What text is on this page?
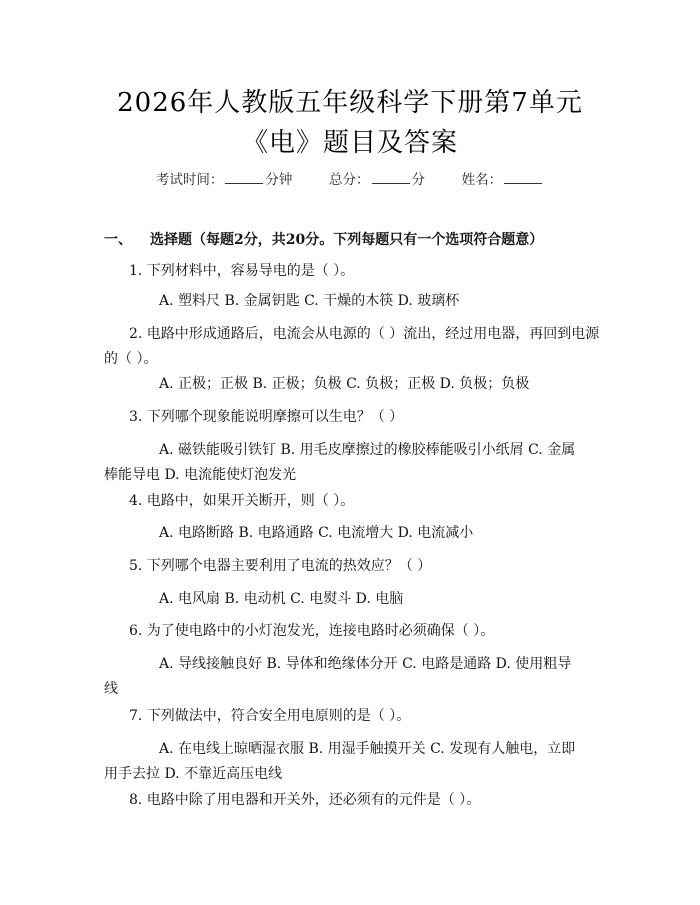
2026年人教版五年级科学下册第7单元
《电》题目及答案
考试时间：	分钟	总分：	分	姓名：
一、 选择题（每题2分，共20分。下列每题只有一个选项符合题意）
1. 下列材料中，容易导电的是（ ）。
A. 塑料尺 B. 金属钥匙 C. 干燥的木筷 D. 玻璃杯
2. 电路中形成通路后，电流会从电源的（ ）流出，经过用电器，再回到电源
的（ ）。
A. 正极；正极 B. 正极；负极 C. 负极；正极 D. 负极；负极
3. 下列哪个现象能说明摩擦可以生电？（ ）
A. 磁铁能吸引铁钉 B. 用毛皮摩擦过的橡胶棒能吸引小纸屑 C. 金属
棒能导电 D. 电流能使灯泡发光
4. 电路中，如果开关断开，则（ ）。
A. 电路断路 B. 电路通路 C. 电流增大 D. 电流减小
5. 下列哪个电器主要利用了电流的热效应？（ ）
A. 电风扇 B. 电动机 C. 电熨斗 D. 电脑
6. 为了使电路中的小灯泡发光，连接电路时必须确保（ ）。
A. 导线接触良好 B. 导体和绝缘体分开 C. 电路是通路 D. 使用粗导
线
7. 下列做法中，符合安全用电原则的是（ ）。
A. 在电线上晾晒湿衣服 B. 用湿手触摸开关 C. 发现有人触电，立即
用手去拉 D. 不靠近高压电线
8. 电路中除了用电器和开关外，还必须有的元件是（ ）。
